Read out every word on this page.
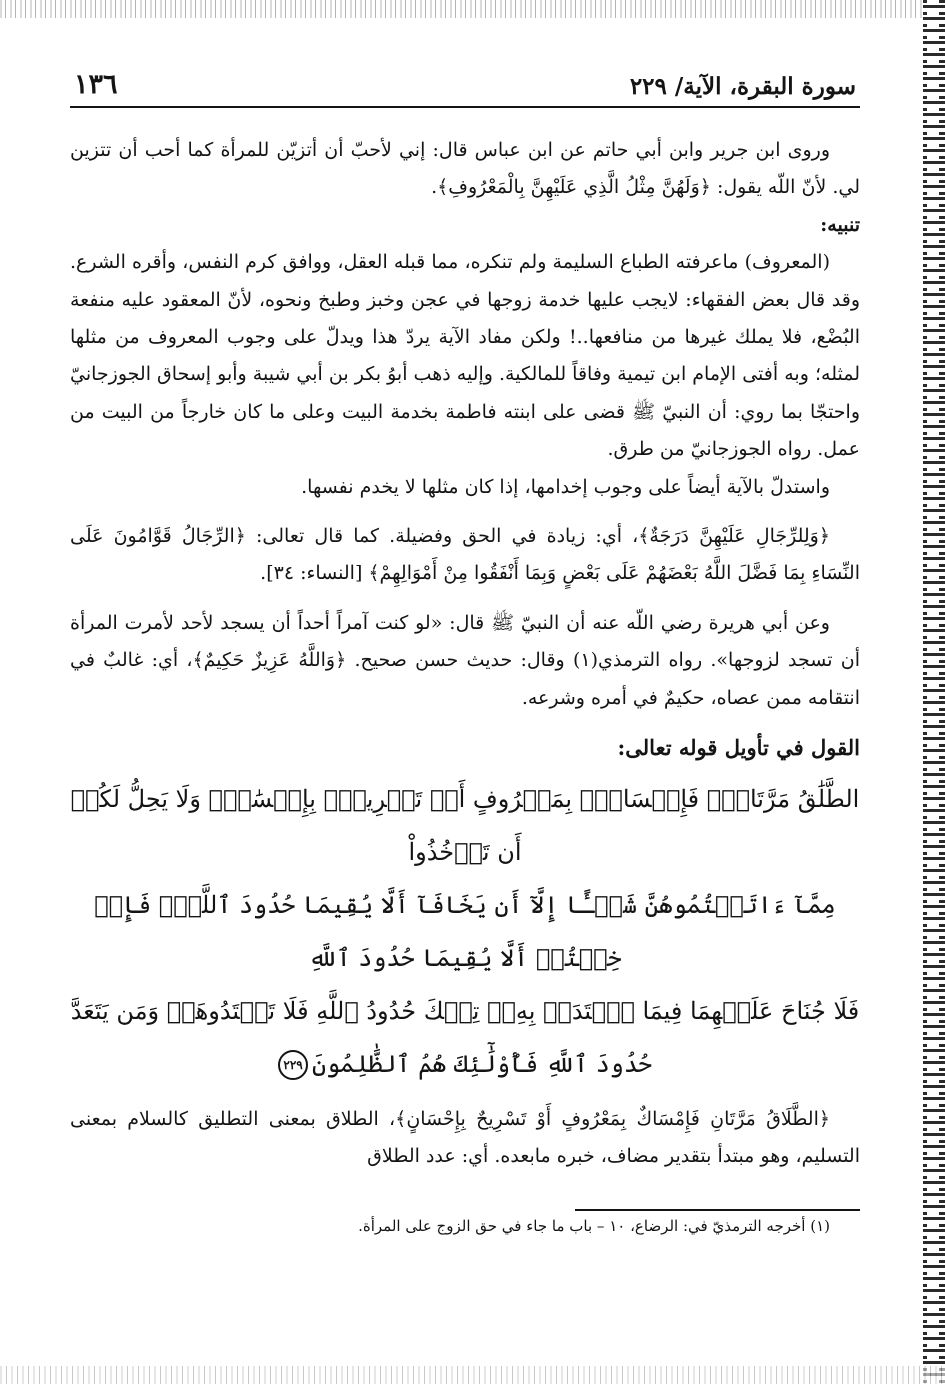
سورة البقرة، الآية/ ٢٢٩
١٣٦

وروى ابن جرير وابن أبي حاتم عن ابن عباس قال: إني لأحبّ أن أتزيّن للمرأة كما أحب أن تتزين لي. لأنّ اللّه يقول: ﴿وَلَهُنَّ مِثْلُ الَّذِي عَلَيْهِنَّ بِالْمَعْرُوفِ﴾.

تنبيه:

(المعروف) ماعرفته الطباع السليمة ولم تنكره، مما قبله العقل، ووافق كرم النفس، وأقره الشرع. وقد قال بعض الفقهاء: لايجب عليها خدمة زوجها في عجن وخبز وطبخ ونحوه، لأنّ المعقود عليه منفعة البُضْع، فلا يملك غيرها من منافعها..! ولكن مفاد الآية يردّ هذا ويدلّ على وجوب المعروف من مثلها لمثله؛ وبه أفتى الإمام ابن تيمية وفاقاً للمالكية. وإليه ذهب أبوُ بكر بن أبي شيبة وأبو إسحاق الجوزجانيّ واحتجّا بما روي: أن النبيّ ﷺ قضى على ابنته فاطمة بخدمة البيت وعلى ما كان خارجاً من البيت من عمل. رواه الجوزجانيّ من طرق.

واستدلّ بالآية أيضاً على وجوب إخدامها، إذا كان مثلها لا يخدم نفسها.

﴿وَلِلرِّجَالِ عَلَيْهِنَّ دَرَجَةٌ﴾، أي: زيادة في الحق وفضيلة. كما قال تعالى: ﴿الرِّجَالُ قَوَّامُونَ عَلَى النِّسَاءِ بِمَا فَضَّلَ اللَّهُ بَعْضَهُمْ عَلَى بَعْضٍ وَبِمَا أَنْفَقُوا مِنْ أَمْوَالِهِمْ﴾ [النساء: ٣٤].

وعن أبي هريرة رضي اللّه عنه أن النبيّ ﷺ قال: «لو كنت آمراً أحداً أن يسجد لأحد لأمرت المرأة أن تسجد لزوجها». رواه الترمذي(١) وقال: حديث حسن صحيح. ﴿وَاللَّهُ عَزِيزٌ حَكِيمٌ﴾، أي: غالبٌ في انتقامه ممن عصاه، حكيمٌ في أمره وشرعه.

القول في تأويل قوله تعالى:

الطَّلَٰقُ مَرَّتَانِۖ فَإِمۡسَاكُۢ بِمَعۡرُوفٍ أَوۡ تَسۡرِيحُۢ بِإِحۡسَٰنٖۗ وَلَا يَحِلُّ لَكُمۡ أَن تَأۡخُذُواْ
مِمَّآ ءَاتَيۡتُمُوهُنَّ شَيۡـًٔا إِلَّآ أَن يَخَافَآ أَلَّا يُقِيمَا حُدُودَ ٱللَّهِۖ فَإِنۡ خِفۡتُمۡ أَلَّا يُقِيمَا حُدُودَ ٱللَّهِ
فَلَا جُنَاحَ عَلَيۡهِمَا فِيمَا ٱفۡتَدَتۡ بِهِۦۗ تِلۡكَ حُدُودُ ٱللَّهِ فَلَا تَعۡتَدُوهَاۚ وَمَن يَتَعَدَّ
حُدُودَ ٱللَّهِ فَأُوْلَٰٓئِكَ هُمُ ٱلظَّٰلِمُونَ٢٢٩

﴿الطَّلَاقُ مَرَّتَانِ فَإِمْسَاكٌ بِمَعْرُوفٍ أَوْ تَسْرِيحٌ بِإِحْسَانٍ﴾، الطلاق بمعنى التطليق كالسلام بمعنى التسليم، وهو مبتدأ بتقدير مضاف، خبره مابعده. أي: عدد الطلاق

(١) أخرجه الترمذيّ في: الرضاع، ١٠ – باب ما جاء في حق الزوج على المرأة.
